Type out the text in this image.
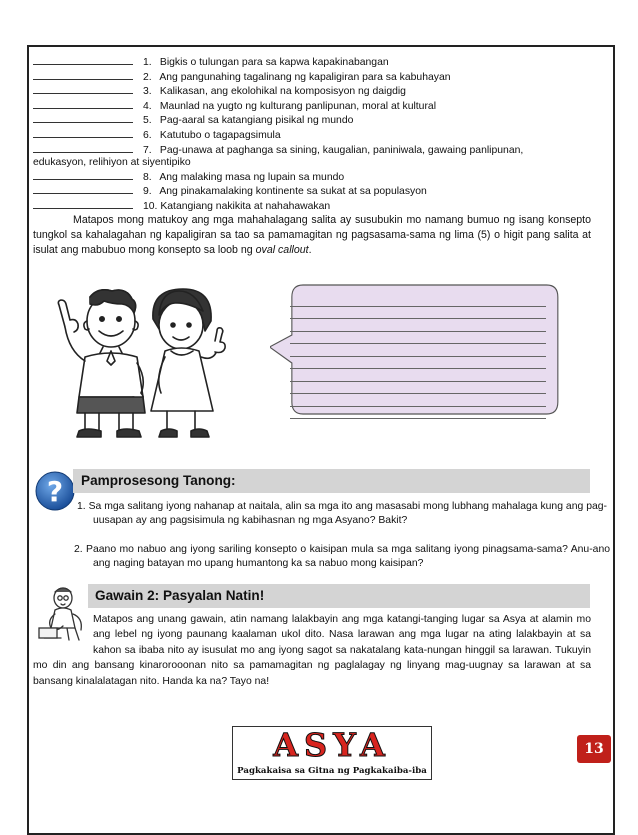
1. Bigkis o tulungan para sa kapwa kapakinabangan
2. Ang pangunahing tagalinang ng kapaligiran para sa kabuhayan
3. Kalikasan, ang ekolohikal na komposisyon ng daigdig
4. Maunlad na yugto ng kulturang panlipunan, moral at kultural
5. Pag-aaral sa katangiang pisikal ng mundo
6. Katutubo o tagapagsimula
7. Pag-unawa at paghanga sa sining, kaugalian, paniniwala, gawaing panlipunan,
edukasyon, relihiyon at siyentipiko
8. Ang malaking masa ng lupain sa mundo
9. Ang pinakamalaking kontinente sa sukat at sa populasyon
10. Katangiang nakikita at nahahawakan
Matapos mong matukoy ang mga mahahalagang salita ay susubukin mo namang bumuo ng isang konsepto tungkol sa kahalagahan ng kapaligiran sa tao sa pamamagitan ng pagsasama-sama ng lima (5) o higit pang salita at isulat ang mabubuo mong konsepto sa loob ng oval callout.
? Pamprosesong Tanong:
1. Sa mga salitang iyong nahanap at naitala, alin sa mga ito ang masasabi mong lubhang mahalaga kung ang pag-uusapan ay ang pagsisimula ng kabihasnan ng mga Asyano? Bakit?
2. Paano mo nabuo ang iyong sariling konsepto o kaisipan mula sa mga salitang iyong pinagsama-sama? Anu-ano ang naging batayan mo upang humantong ka sa nabuo mong kaisipan?
Gawain 2: Pasyalan Natin!
Matapos ang unang gawain, atin namang lalakbayin ang mga katangi-tanging lugar sa Asya at alamin mo ang lebel ng iyong paunang kaalaman ukol dito. Nasa larawan ang mga lugar na ating lalakbayin at sa kahon sa ibaba nito ay isusulat mo ang iyong sagot sa nakatalang kata-nungan hinggil sa larawan. Tukuyin mo din ang bansang kinarorooonan nito sa pamamagitan ng paglalagay ng linyang mag-uugnay sa larawan at sa bansang kinalalatagan nito. Handa ka na? Tayo na!
ASYA
Pagkakaisa sa Gitna ng Pagkakaiba-iba
13
